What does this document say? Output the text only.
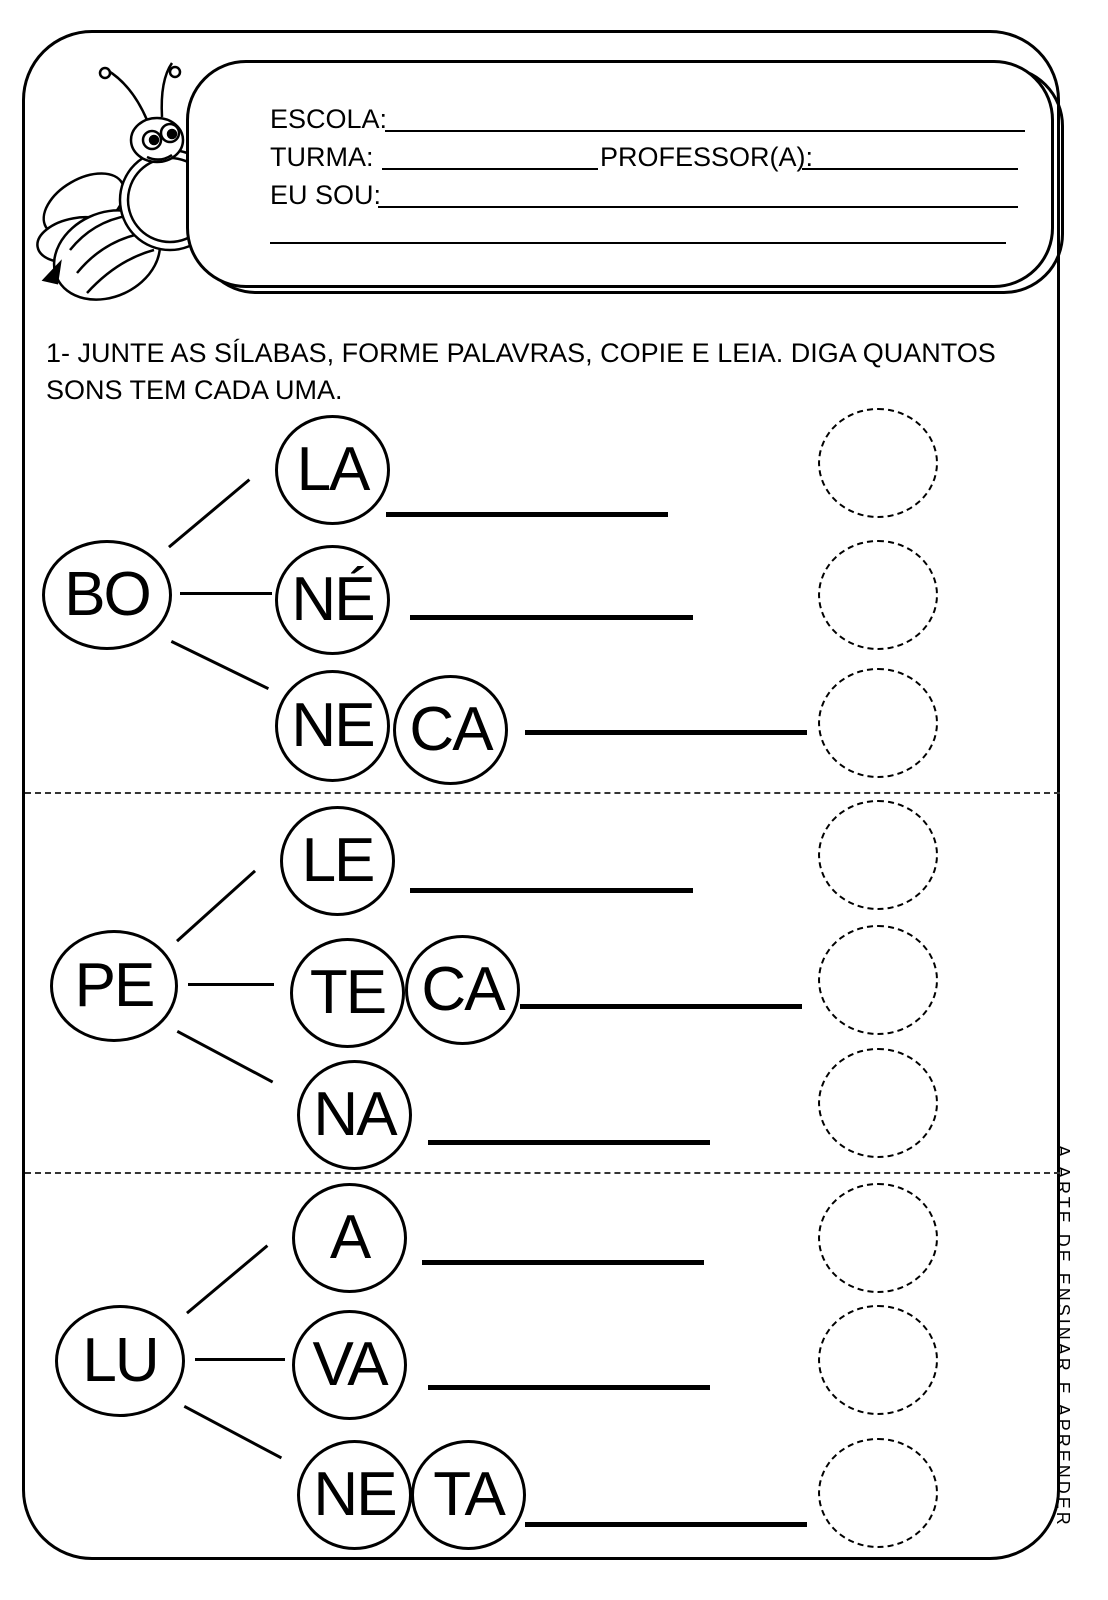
ESCOLA:
TURMA:	PROFESSOR(A):
EU SOU:
1- JUNTE AS SÍLABAS, FORME PALAVRAS, COPIE E LEIA. DIGA QUANTOS SONS TEM CADA UMA.
BO
LA
NÉ
NE CA
PE
LE
TE CA
NA
LU
A
VA
NE TA	A ARTE DE ENSINAR E APRENDER
